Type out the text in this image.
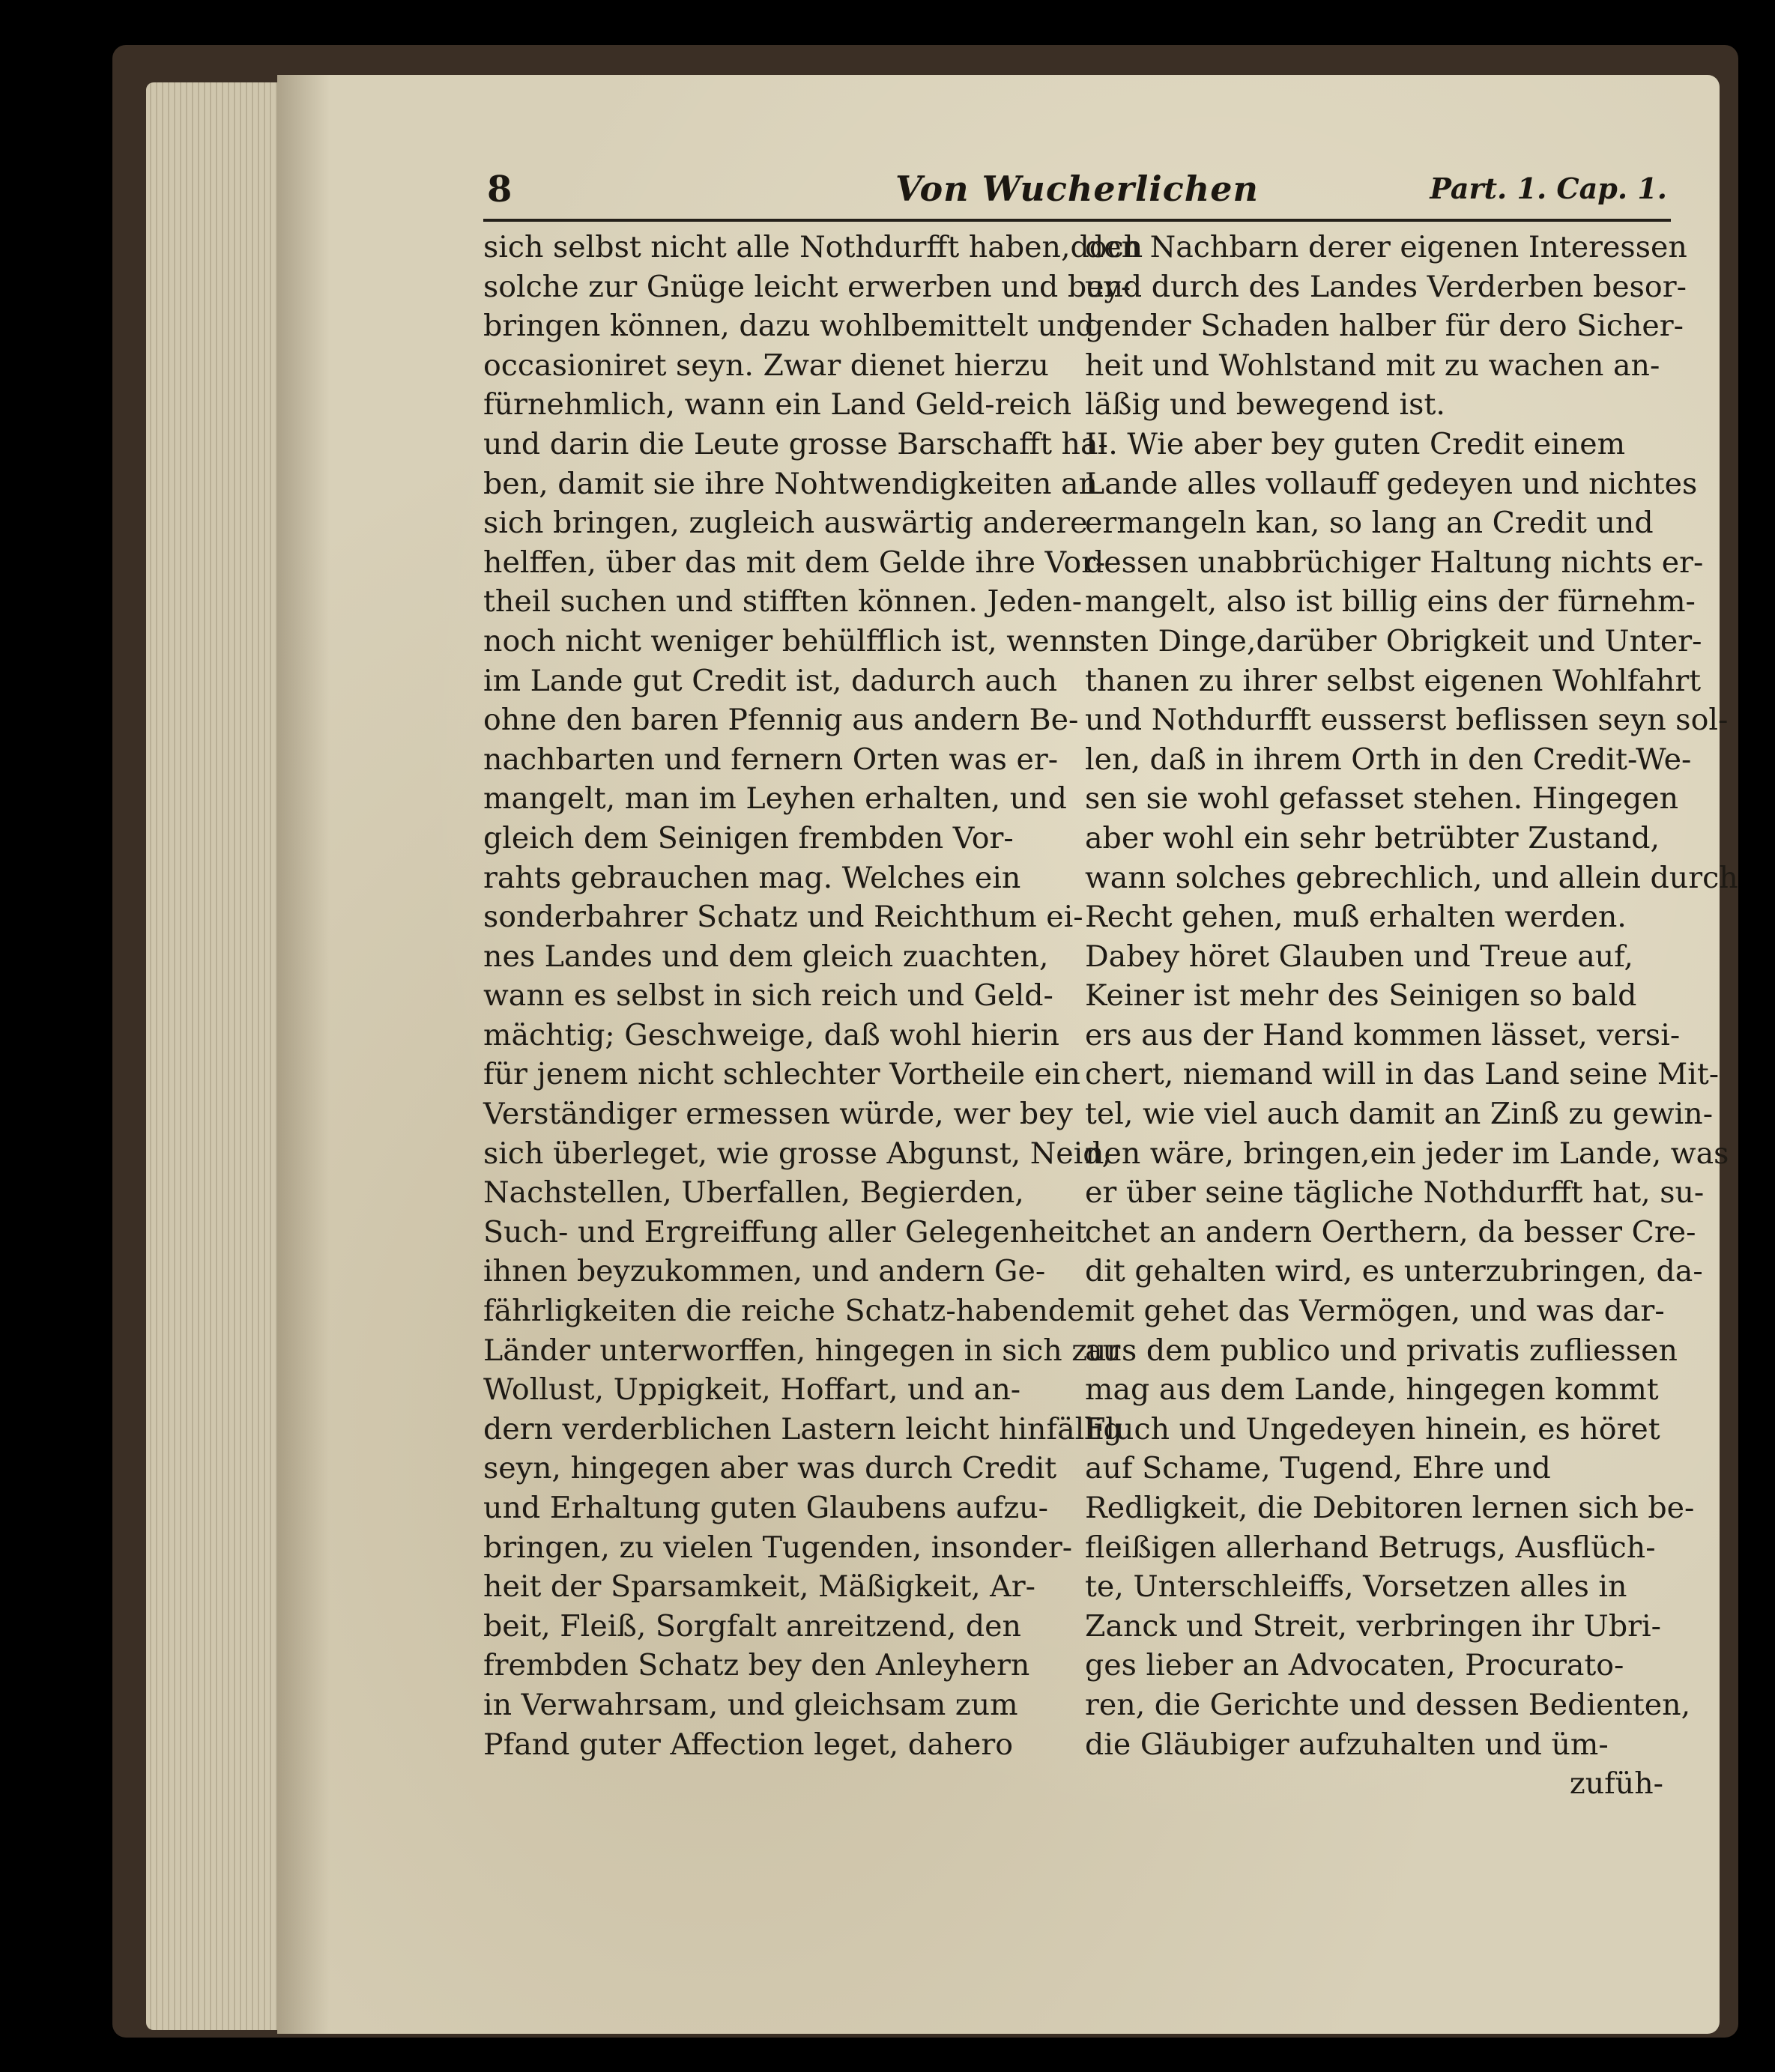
8	Von Wucherlichen	Part. 1. Cap. 1.
sich selbst nicht alle Nothdurfft haben,doch
solche zur Gnüge leicht erwerben und bey-
bringen können, dazu wohlbemittelt und
occasioniret seyn. Zwar dienet hierzu
fürnehmlich, wann ein Land Geld-reich
und darin die Leute grosse Barschafft ha-
ben, damit sie ihre Nohtwendigkeiten an
sich bringen, zugleich auswärtig andere
helffen, über das mit dem Gelde ihre Vor-
theil suchen und stifften können. Jeden-
noch nicht weniger behülfflich ist, wenn
im Lande gut Credit ist, dadurch auch
ohne den baren Pfennig aus andern Be-
nachbarten und fernern Orten was er-
mangelt, man im Leyhen erhalten, und
gleich dem Seinigen frembden Vor-
rahts gebrauchen mag. Welches ein
sonderbahrer Schatz und Reichthum ei-
nes Landes und dem gleich zuachten,
wann es selbst in sich reich und Geld-
mächtig; Geschweige, daß wohl hierin
für jenem nicht schlechter Vortheile ein
Verständiger ermessen würde, wer bey
sich überleget, wie grosse Abgunst, Neid,
Nachstellen, Uberfallen, Begierden,
Such- und Ergreiffung aller Gelegenheit
ihnen beyzukommen, und andern Ge-
fährligkeiten die reiche Schatz-habende
Länder unterworffen, hingegen in sich zur
Wollust, Uppigkeit, Hoffart, und an-
dern verderblichen Lastern leicht hinfällig
seyn, hingegen aber was durch Credit
und Erhaltung guten Glaubens aufzu-
bringen, zu vielen Tugenden, insonder-
heit der Sparsamkeit, Mäßigkeit, Ar-
beit, Fleiß, Sorgfalt anreitzend, den
frembden Schatz bey den Anleyhern
in Verwahrsam, und gleichsam zum
Pfand guter Affection leget, dahero
den Nachbarn derer eigenen Interessen
und durch des Landes Verderben besor-
gender Schaden halber für dero Sicher-
heit und Wohlstand mit zu wachen an-
läßig und bewegend ist.
II. Wie aber bey guten Credit einem
Lande alles vollauff gedeyen und nichtes
ermangeln kan, so lang an Credit und
dessen unabbrüchiger Haltung nichts er-
mangelt, also ist billig eins der fürnehm-
sten Dinge,darüber Obrigkeit und Unter-
thanen zu ihrer selbst eigenen Wohlfahrt
und Nothdurfft eusserst beflissen seyn sol-
len, daß in ihrem Orth in den Credit-We-
sen sie wohl gefasset stehen. Hingegen
aber wohl ein sehr betrübter Zustand,
wann solches gebrechlich, und allein durch
Recht gehen, muß erhalten werden.
Dabey höret Glauben und Treue auf,
Keiner ist mehr des Seinigen so bald
ers aus der Hand kommen lässet, versi-
chert, niemand will in das Land seine Mit-
tel, wie viel auch damit an Zinß zu gewin-
nen wäre, bringen,ein jeder im Lande, was
er über seine tägliche Nothdurfft hat, su-
chet an andern Oerthern, da besser Cre-
dit gehalten wird, es unterzubringen, da-
mit gehet das Vermögen, und was dar-
aus dem publico und privatis zufliessen
mag aus dem Lande, hingegen kommt
Fluch und Ungedeyen hinein, es höret
auf Schame, Tugend, Ehre und
Redligkeit, die Debitoren lernen sich be-
fleißigen allerhand Betrugs, Ausflüch-
te, Unterschleiffs, Vorsetzen alles in
Zanck und Streit, verbringen ihr Ubri-
ges lieber an Advocaten, Procurato-
ren, die Gerichte und dessen Bedienten,
die Gläubiger aufzuhalten und üm-
zufüh-
